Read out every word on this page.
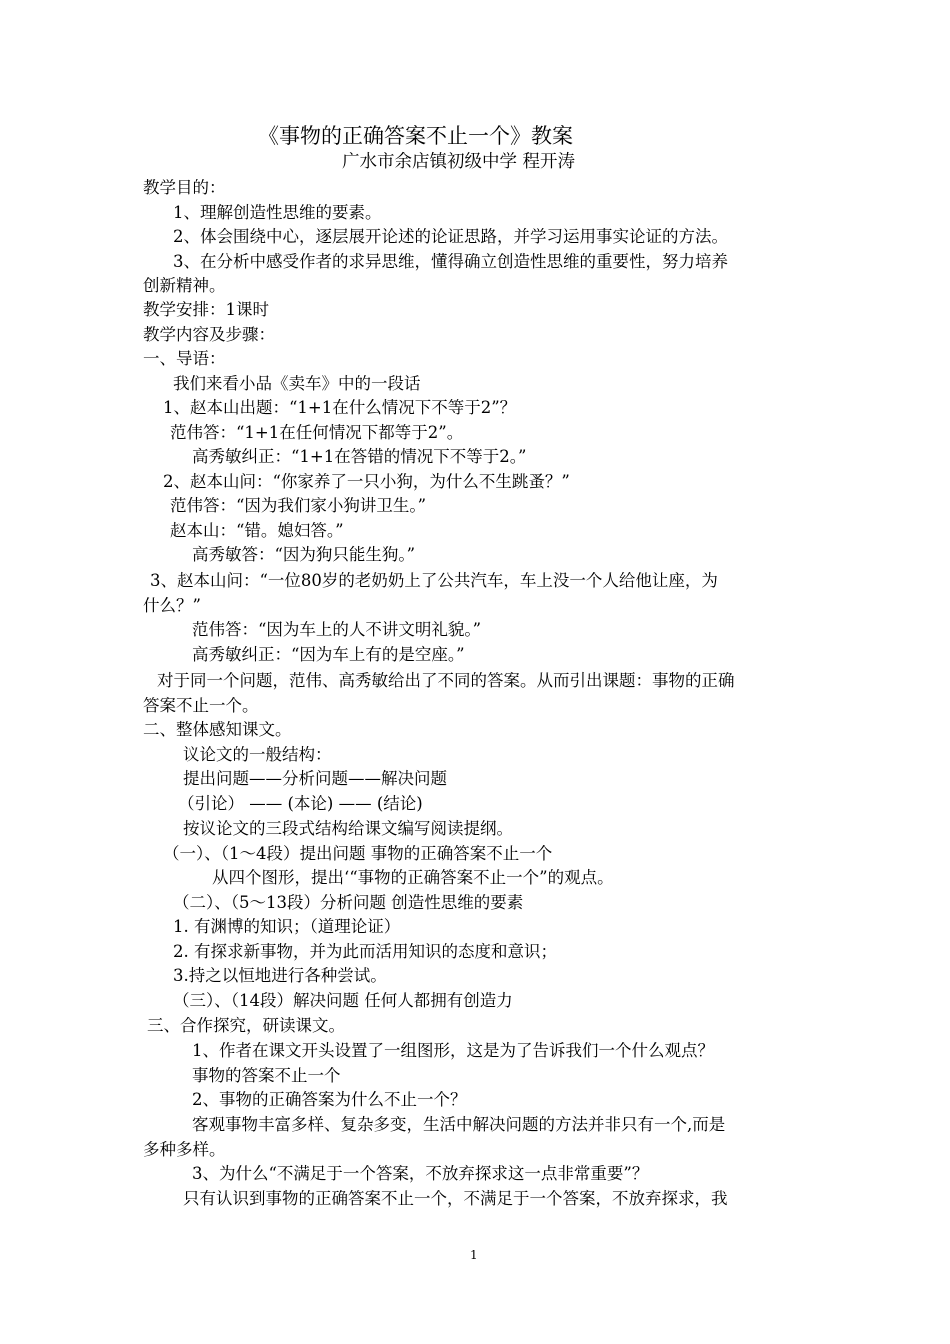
《事物的正确答案不止一个》教案
广水市余店镇初级中学 程开涛
教学目的：
1、理解创造性思维的要素。
2、体会围绕中心，逐层展开论述的论证思路，并学习运用事实论证的方法。
3、在分析中感受作者的求异思维，懂得确立创造性思维的重要性，努力培养
创新精神。
教学安排：1课时
教学内容及步骤：
一、导语：
我们来看小品《卖车》中的一段话
1、赵本山出题：“1+1在什么情况下不等于2”？
范伟答：“1+1在任何情况下都等于2”。
高秀敏纠正：“1+1在答错的情况下不等于2。”
2、赵本山问：“你家养了一只小狗，为什么不生跳蚤？”
范伟答：“因为我们家小狗讲卫生。”
赵本山：“错。媳妇答。”
高秀敏答：“因为狗只能生狗。”
3、赵本山问：“一位80岁的老奶奶上了公共汽车，车上没一个人给他让座，为
什么？”
范伟答：“因为车上的人不讲文明礼貌。”
高秀敏纠正：“因为车上有的是空座。”
对于同一个问题，范伟、高秀敏给出了不同的答案。从而引出课题：事物的正确
答案不止一个。
二、整体感知课文。
议论文的一般结构：
提出问题——分析问题——解决问题
（引论） —— (本论) —— (结论)
按议论文的三段式结构给课文编写阅读提纲。
（一）、（1～4段）提出问题 事物的正确答案不止一个
从四个图形，提出‘“事物的正确答案不止一个”的观点。
（二）、（5～13段）分析问题 创造性思维的要素
1. 有渊博的知识；（道理论证）
2. 有探求新事物，并为此而活用知识的态度和意识；
3.持之以恒地进行各种尝试。
（三）、（14段）解决问题 任何人都拥有创造力
三、合作探究，研读课文。
1、作者在课文开头设置了一组图形，这是为了告诉我们一个什么观点？
事物的答案不止一个
2、事物的正确答案为什么不止一个？
客观事物丰富多样、复杂多变，生活中解决问题的方法并非只有一个,而是
多种多样。
3、为什么“不满足于一个答案，不放弃探求这一点非常重要”？
只有认识到事物的正确答案不止一个，不满足于一个答案，不放弃探求，我
1
